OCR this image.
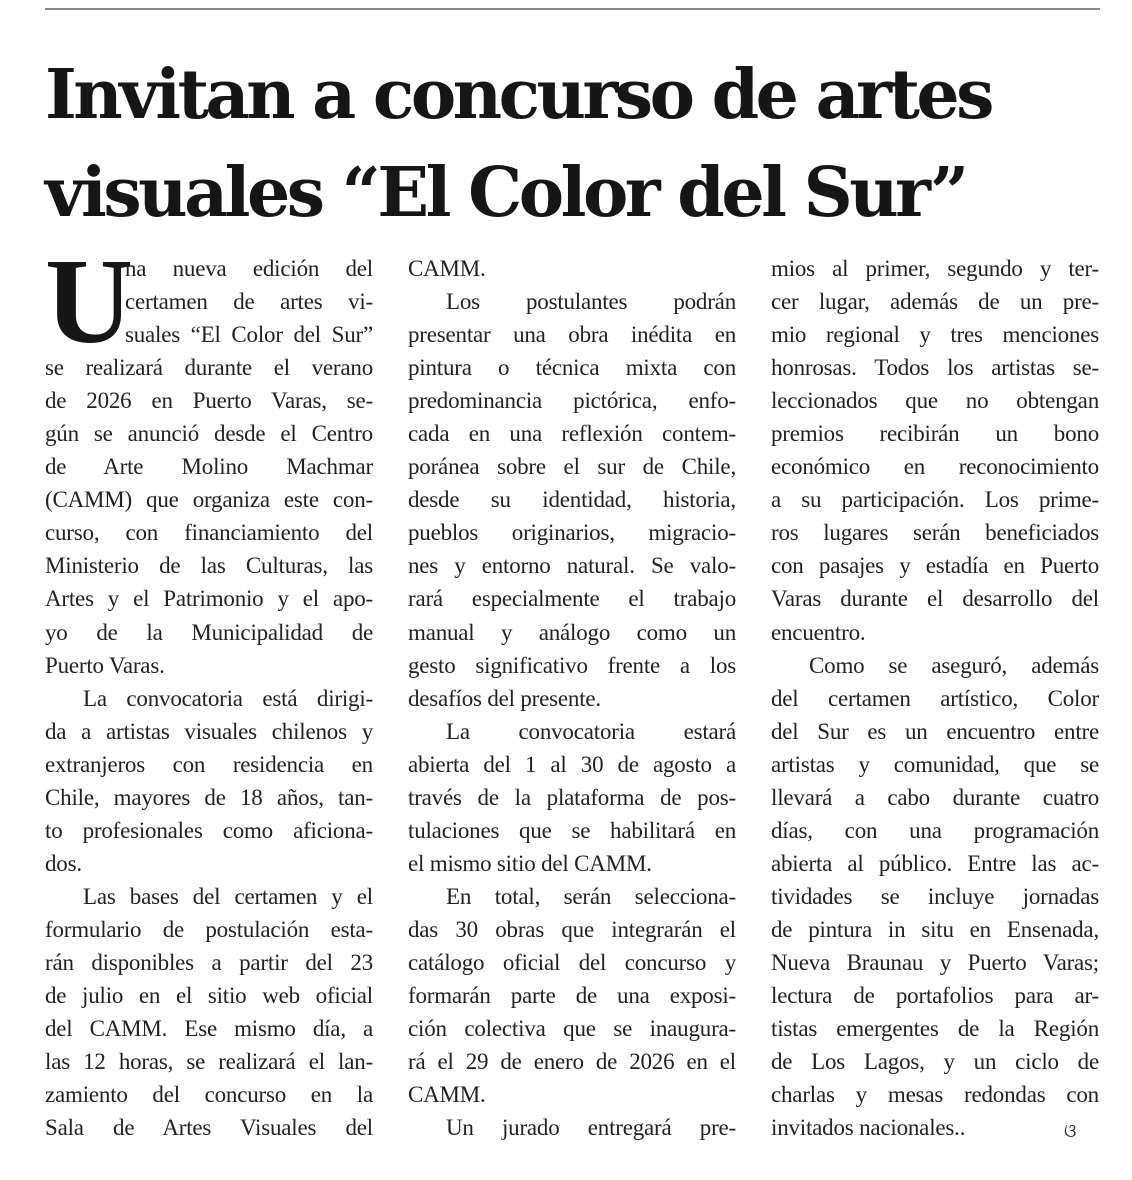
Invitan a concurso de artes
visuales “El Color del Sur”
U
na nueva edición del
certamen de artes vi-
suales “El Color del Sur”
se realizará durante el verano
de 2026 en Puerto Varas, se-
gún se anunció desde el Centro
de Arte Molino Machmar
(CAMM) que organiza este con-
curso, con financiamiento del
Ministerio de las Culturas, las
Artes y el Patrimonio y el apo-
yo de la Municipalidad de
Puerto Varas.
La convocatoria está dirigi-
da a artistas visuales chilenos y
extranjeros con residencia en
Chile, mayores de 18 años, tan-
to profesionales como aficiona-
dos.
Las bases del certamen y el
formulario de postulación esta-
rán disponibles a partir del 23
de julio en el sitio web oficial
del CAMM. Ese mismo día, a
las 12 horas, se realizará el lan-
zamiento del concurso en la
Sala de Artes Visuales del
CAMM.
Los postulantes podrán
presentar una obra inédita en
pintura o técnica mixta con
predominancia pictórica, enfo-
cada en una reflexión contem-
poránea sobre el sur de Chile,
desde su identidad, historia,
pueblos originarios, migracio-
nes y entorno natural. Se valo-
rará especialmente el trabajo
manual y análogo como un
gesto significativo frente a los
desafíos del presente.
La convocatoria estará
abierta del 1 al 30 de agosto a
través de la plataforma de pos-
tulaciones que se habilitará en
el mismo sitio del CAMM.
En total, serán selecciona-
das 30 obras que integrarán el
catálogo oficial del concurso y
formarán parte de una exposi-
ción colectiva que se inaugura-
rá el 29 de enero de 2026 en el
CAMM.
Un jurado entregará pre-
mios al primer, segundo y ter-
cer lugar, además de un pre-
mio regional y tres menciones
honrosas. Todos los artistas se-
leccionados que no obtengan
premios recibirán un bono
económico en reconocimiento
a su participación. Los prime-
ros lugares serán beneficiados
con pasajes y estadía en Puerto
Varas durante el desarrollo del
encuentro.
Como se aseguró, además
del certamen artístico, Color
del Sur es un encuentro entre
artistas y comunidad, que se
llevará a cabo durante cuatro
días, con una programación
abierta al público. Entre las ac-
tividades se incluye jornadas
de pintura in situ en Ensenada,
Nueva Braunau y Puerto Varas;
lectura de portafolios para ar-
tistas emergentes de la Región
de Los Lagos, y un ciclo de
charlas y mesas redondas con
invitados nacionales..	ଓ
